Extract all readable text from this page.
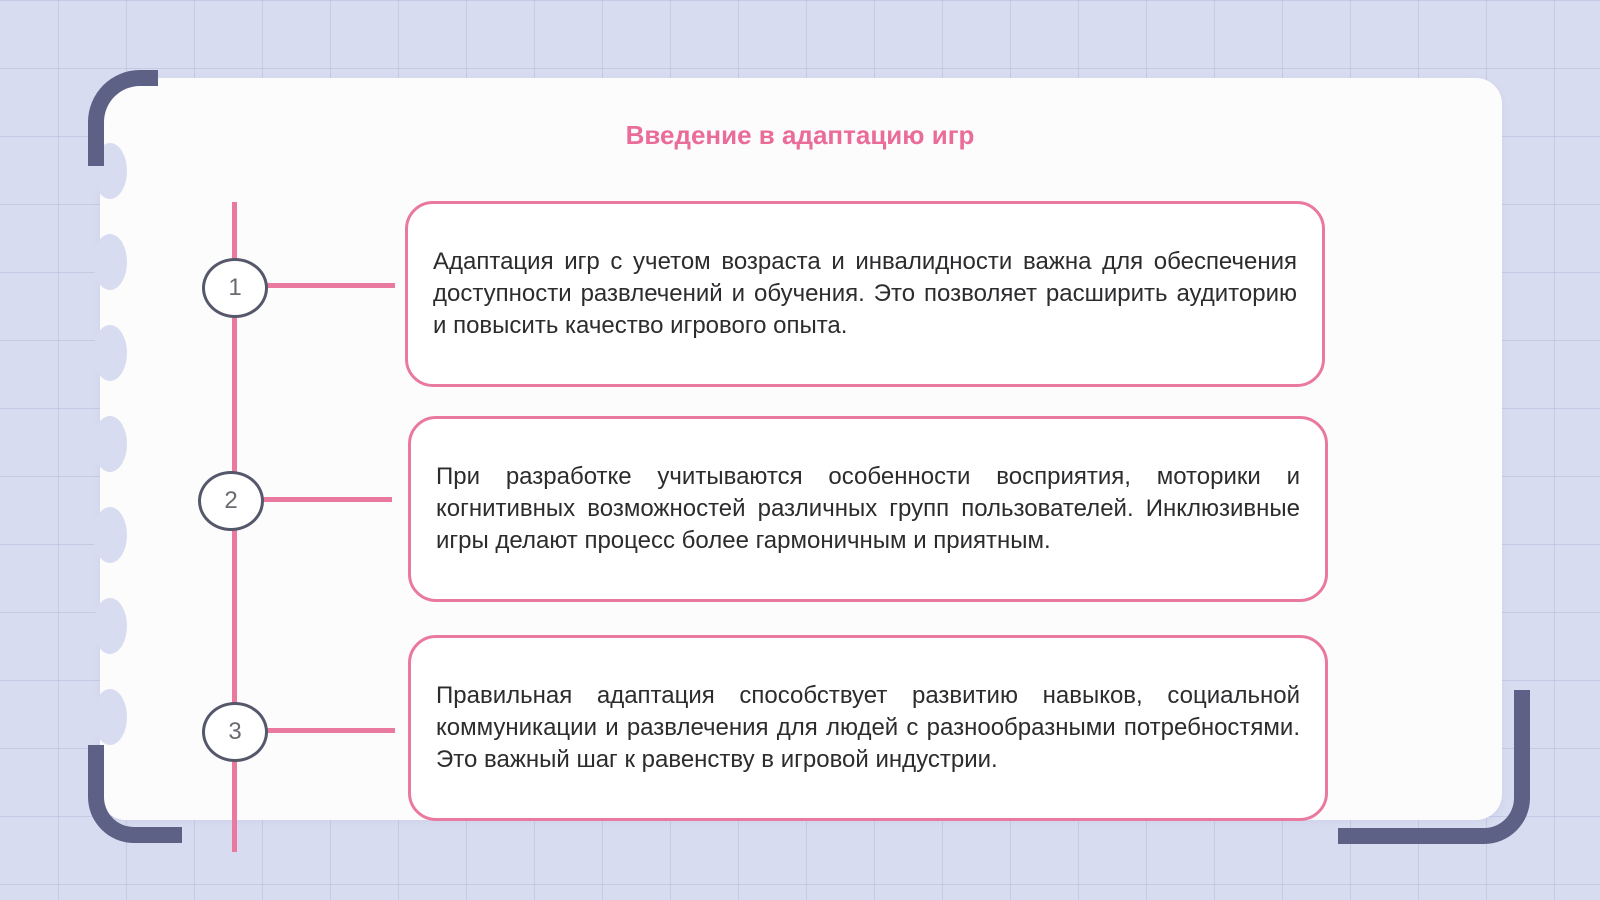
Введение в адаптацию игр
1

Адаптация игр с учетом возраста и инвалидности важна для обеспечения доступности развлечений и обучения. Это позволяет расширить аудиторию и повысить качество игрового опыта.

2

При разработке учитываются особенности восприятия, моторики и когнитивных возможностей различных групп пользователей. Инклюзивные игры делают процесс более гармоничным и приятным.

3

Правильная адаптация способствует развитию навыков, социальной коммуникации и развлечения для людей с разнообразными потребностями. Это важный шаг к равенству в игровой индустрии.
